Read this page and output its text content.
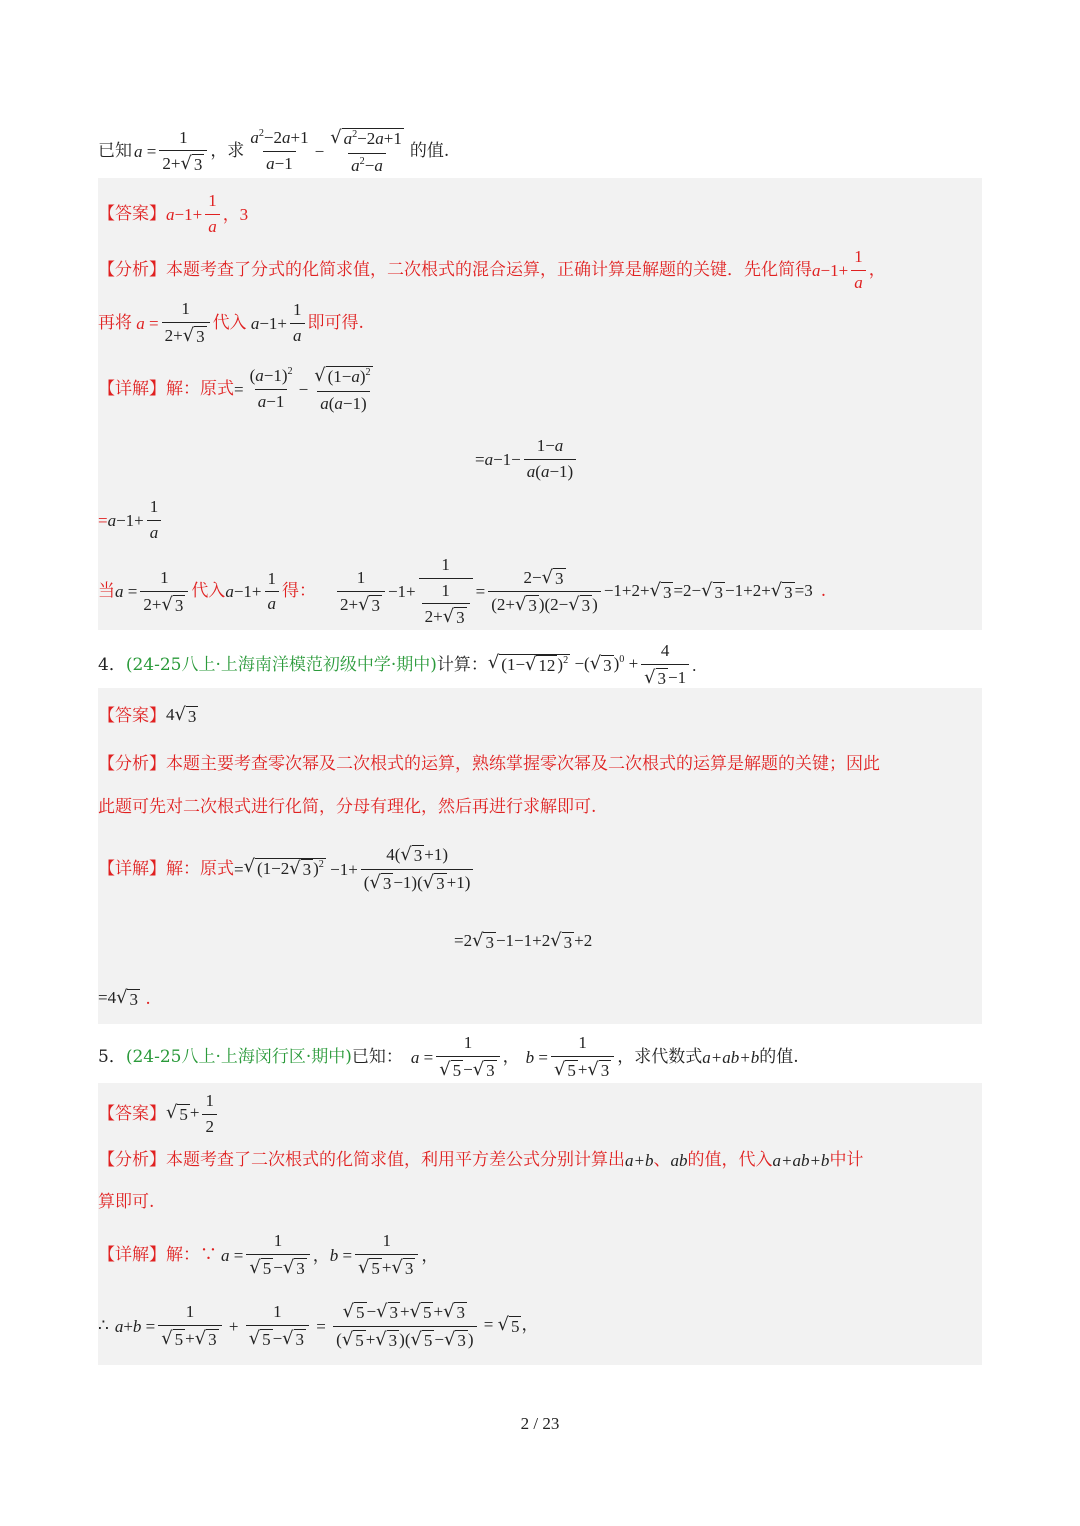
已知 $a = \frac{1}{2+ √ 3}$ ，求 $\frac{a^2-2a+1}{a-1} - \frac{√ a^2-2a+1}{a^2-a}$ 的值.
【答案】 $a -1+ \frac{1}{a}$ ，3
【分析】 本题考查了分式的化简求值，二次根式的混合运算，正确计算是解题的关键．先化简得 $a -1+ \frac{1}{a}$ ，
再将 $a = \frac{1}{2+ √ 3}$ 代入 $a -1+ \frac{1}{a}$ 即可得.
【详解】 解：原式 = $\frac{(a-1)^2}{a-1} - \frac{√ (1-a)^2}{a(a-1)}$
= $a -1- \frac{1-a}{a(a-1)}$
= $a -1+ \frac{1}{a}$
当 $a = \frac{1}{2+ √ 3}$ 代入 $a -1+ \frac{1}{a}$ 得： $\frac{1}{2+ √ 3} -1+ \frac{1}{\frac{1}{2+ √ 3}} = \frac{2- √ 3}{(2+ √ 3 )(2- √ 3 )} -1+2+$ √ 3 =2− √ 3 −1+2+ √ 3 =3 .
4． (24-25八上·上海南洋模范初级中学·期中) 计算： √ (1− √ 12 )$^2$ −( √ 3 )$^0 + \frac{4}{√ 3 -1}$ .
【答案】 4 √ 3
【分析】 本题主要考查零次幂及二次根式的运算，熟练掌握零次幂及二次根式的运算是解题的关键；因此
此题可先对二次根式进行化简，分母有理化，然后再进行求解即可.
【详解】 解：原式 = √ (1−2 √ 3 )$^2 -1+ \frac{4( √ 3 +1)}{( √ 3 -1)( √ 3 +1)}$
=2 √ 3 −1−1+2 √ 3 +2
=4 √ 3 .
5． (24-25八上·上海闵行区·期中) 已知： $a = \frac{1}{√ 5 - √ 3}$ ， $b = \frac{1}{√ 5 + √ 3}$ ，求代数式 a+ab+b 的值.
【答案】 √ $5 + \frac{1}{2}$
【分析】 本题考查了二次根式的化简求值，利用平方差公式分别计算出 a+b 、 ab 的值，代入 a+ab+b 中计
算即可.
【详解】 解：∵ $a = \frac{1}{√ 5 - √ 3}$ ， $b = \frac{1}{√ 5 + √ 3}$ ，
∴ $a + b = \frac{1}{√ 5 + √ 3} + \frac{1}{√ 5 - √ 3} = \frac{√ 5 - √ 3 + √ 5 + √ 3}{( √ 5 + √ 3 )( √ 5 - √ 3 )}$ = √ 5 ，
2 / 23
